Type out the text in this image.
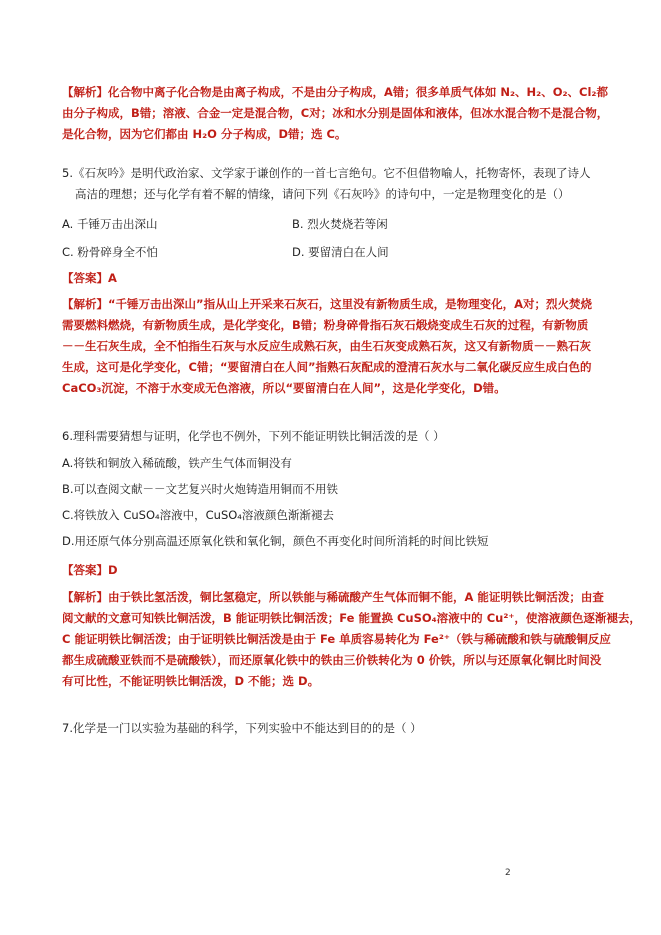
【解析】化合物中离子化合物是由离子构成，不是由分子构成，A错；很多单质气体如 N₂、H₂、O₂、Cl₂都
由分子构成，B错；溶液、合金一定是混合物，C对；冰和水分别是固体和液体，但冰水混合物不是混合物，
是化合物，因为它们都由 H₂O 分子构成，D错；选 C。
5.《石灰吟》是明代政治家、文学家于谦创作的一首七言绝句。它不但借物喻人，托物寄怀，表现了诗人
高洁的理想；还与化学有着不解的情缘，请问下列《石灰吟》的诗句中，一定是物理变化的是（）
A. 千锤万击出深山	B. 烈火焚烧若等闲
C. 粉骨碎身全不怕	D. 要留清白在人间
【答案】A
【解析】“千锤万击出深山”指从山上开采来石灰石，这里没有新物质生成，是物理变化，A对；烈火焚烧
需要燃料燃烧，有新物质生成，是化学变化，B错；粉身碎骨指石灰石煅烧变成生石灰的过程，有新物质
－－生石灰生成，全不怕指生石灰与水反应生成熟石灰，由生石灰变成熟石灰，这又有新物质－－熟石灰
生成，这可是化学变化，C错；“要留清白在人间”指熟石灰配成的澄清石灰水与二氧化碳反应生成白色的
CaCO₃沉淀，不溶于水变成无色溶液，所以“要留清白在人间”，这是化学变化，D错。
6.理科需要猜想与证明，化学也不例外，下列不能证明铁比铜活泼的是（ ）
A.将铁和铜放入稀硫酸，铁产生气体而铜没有
B.可以查阅文献－－文艺复兴时火炮铸造用铜而不用铁
C.将铁放入 CuSO₄溶液中，CuSO₄溶液颜色渐渐褪去
D.用还原气体分别高温还原氧化铁和氧化铜，颜色不再变化时间所消耗的时间比铁短
【答案】D
【解析】由于铁比氢活泼，铜比氢稳定，所以铁能与稀硫酸产生气体而铜不能，A 能证明铁比铜活泼；由查
阅文献的文意可知铁比铜活泼，B 能证明铁比铜活泼；Fe 能置换 CuSO₄溶液中的 Cu²⁺，使溶液颜色逐渐褪去，
C 能证明铁比铜活泼；由于证明铁比铜活泼是由于 Fe 单质容易转化为 Fe²⁺（铁与稀硫酸和铁与硫酸铜反应
都生成硫酸亚铁而不是硫酸铁），而还原氧化铁中的铁由三价铁转化为 0 价铁，所以与还原氧化铜比时间没
有可比性，不能证明铁比铜活泼，D 不能；选 D。
7.化学是一门以实验为基础的科学，下列实验中不能达到目的的是（ ）
2
